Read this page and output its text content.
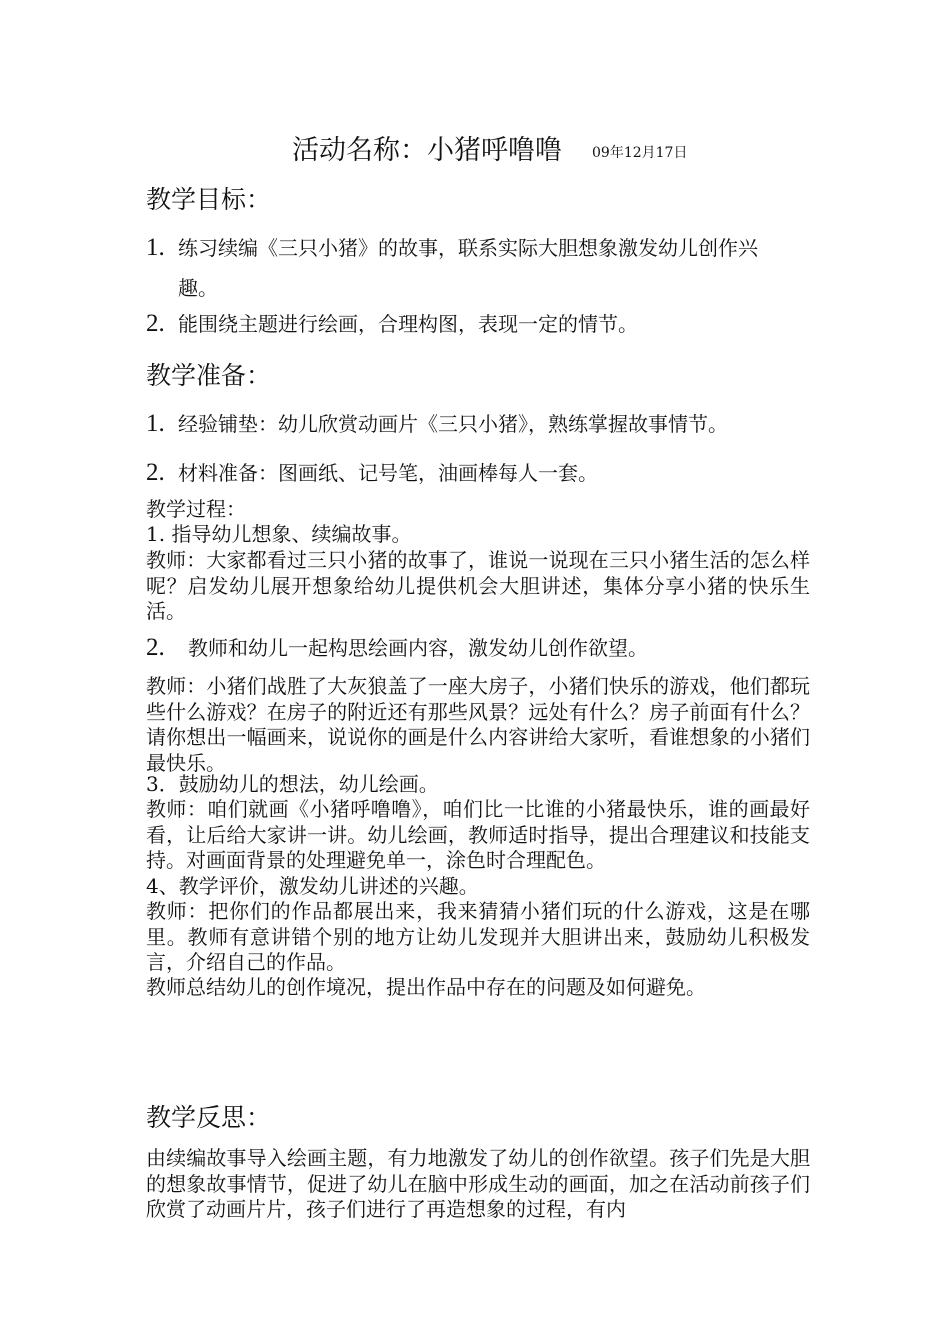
活动名称：小猪呼噜噜 09年12月17日
教学目标：
1. 练习续编《三只小猪》的故事，联系实际大胆想象激发幼儿创作兴
趣。
2. 能围绕主题进行绘画，合理构图，表现一定的情节。
教学准备：
1. 经验铺垫：幼儿欣赏动画片《三只小猪》，熟练掌握故事情节。
2. 材料准备：图画纸、记号笔，油画棒每人一套。
教学过程：
1. 指导幼儿想象、续编故事。
教师：大家都看过三只小猪的故事了，谁说一说现在三只小猪生活的怎么样呢？启发幼儿展开想象给幼儿提供机会大胆讲述，集体分享小猪的快乐生活。
2. 教师和幼儿一起构思绘画内容，激发幼儿创作欲望。
教师：小猪们战胜了大灰狼盖了一座大房子，小猪们快乐的游戏，他们都玩些什么游戏？在房子的附近还有那些风景？远处有什么？房子前面有什么？请你想出一幅画来，说说你的画是什么内容讲给大家听，看谁想象的小猪们最快乐。
3．鼓励幼儿的想法，幼儿绘画。
教师：咱们就画《小猪呼噜噜》，咱们比一比谁的小猪最快乐，谁的画最好看，让后给大家讲一讲。幼儿绘画，教师适时指导，提出合理建议和技能支持。对画面背景的处理避免单一，涂色时合理配色。
4、教学评价，激发幼儿讲述的兴趣。
教师：把你们的作品都展出来，我来猜猜小猪们玩的什么游戏，这是在哪里。教师有意讲错个别的地方让幼儿发现并大胆讲出来，鼓励幼儿积极发言，介绍自己的作品。
教师总结幼儿的创作境况，提出作品中存在的问题及如何避免。
教学反思：
由续编故事导入绘画主题，有力地激发了幼儿的创作欲望。孩子们先是大胆的想象故事情节，促进了幼儿在脑中形成生动的画面，加之在活动前孩子们欣赏了动画片片，孩子们进行了再造想象的过程，有内
